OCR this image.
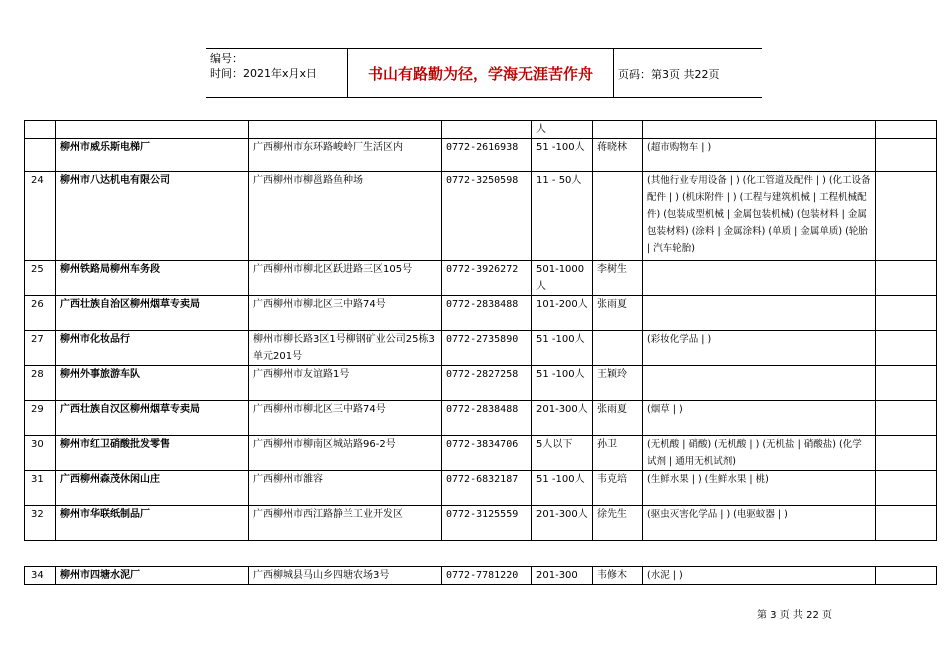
编号：
时间：2021年x月x日	书山有路勤为径，学海无涯苦作舟	页码：第3页 共22页
				人			
	柳州市威乐斯电梯厂	广西柳州市东环路峻岭厂生活区内	0772-2616938	51 -100人	蒋晓林	(超市购物车 | )	
24	柳州市八达机电有限公司	广西柳州市柳邕路鱼种场	0772-3250598	11 - 50人		(其他行业专用设备 | ) (化工管道及配件 | ) (化工设备配件 | ) (机床附件 | ) (工程与建筑机械 | 工程机械配件) (包装成型机械 | 金属包装机械) (包装材料 | 金属包装材料) (涂料 | 金属涂料) (单质 | 金属单质) (轮胎 | 汽车轮胎)	
25	柳州铁路局柳州车务段	广西柳州市柳北区跃进路三区105号	0772-3926272	501-1000人	李树生		
26	广西壮族自治区柳州烟草专卖局	广西柳州市柳北区三中路74号	0772-2838488	101-200人	张雨夏		
27	柳州市化妆品行	柳州市柳长路3区1号柳钢矿业公司25栋3单元201号	0772-2735890	51 -100人		(彩妆化学品 | )	
28	柳州外事旅游车队	广西柳州市友谊路1号	0772-2827258	51 -100人	王颖玲		
29	广西壮族自汉区柳州烟草专卖局	广西柳州市柳北区三中路74号	0772-2838488	201-300人	张雨夏	(烟草 | )	
30	柳州市红卫硝酸批发零售	广西柳州市柳南区城站路96-2号	0772-3834706	5人以下	孙卫	(无机酸 | 硝酸) (无机酸 | ) (无机盐 | 硝酸盐) (化学试剂 | 通用无机试剂)	
31	广西柳州森茂休闲山庄	广西柳州市雒容	0772-6832187	51 -100人	韦克培	(生鲜水果 | ) (生鲜水果 | 桃)	
32	柳州市华联纸制品厂	广西柳州市西江路静兰工业开发区	0772-3125559	201-300人	徐先生	(驱虫灭害化学品 | ) (电驱蚊器 | )	
34	柳州市四塘水泥厂	广西柳城县马山乡四塘农场3号	0772-7781220	201-300	韦修木	(水泥 | )	
第 3 页 共 22 页
